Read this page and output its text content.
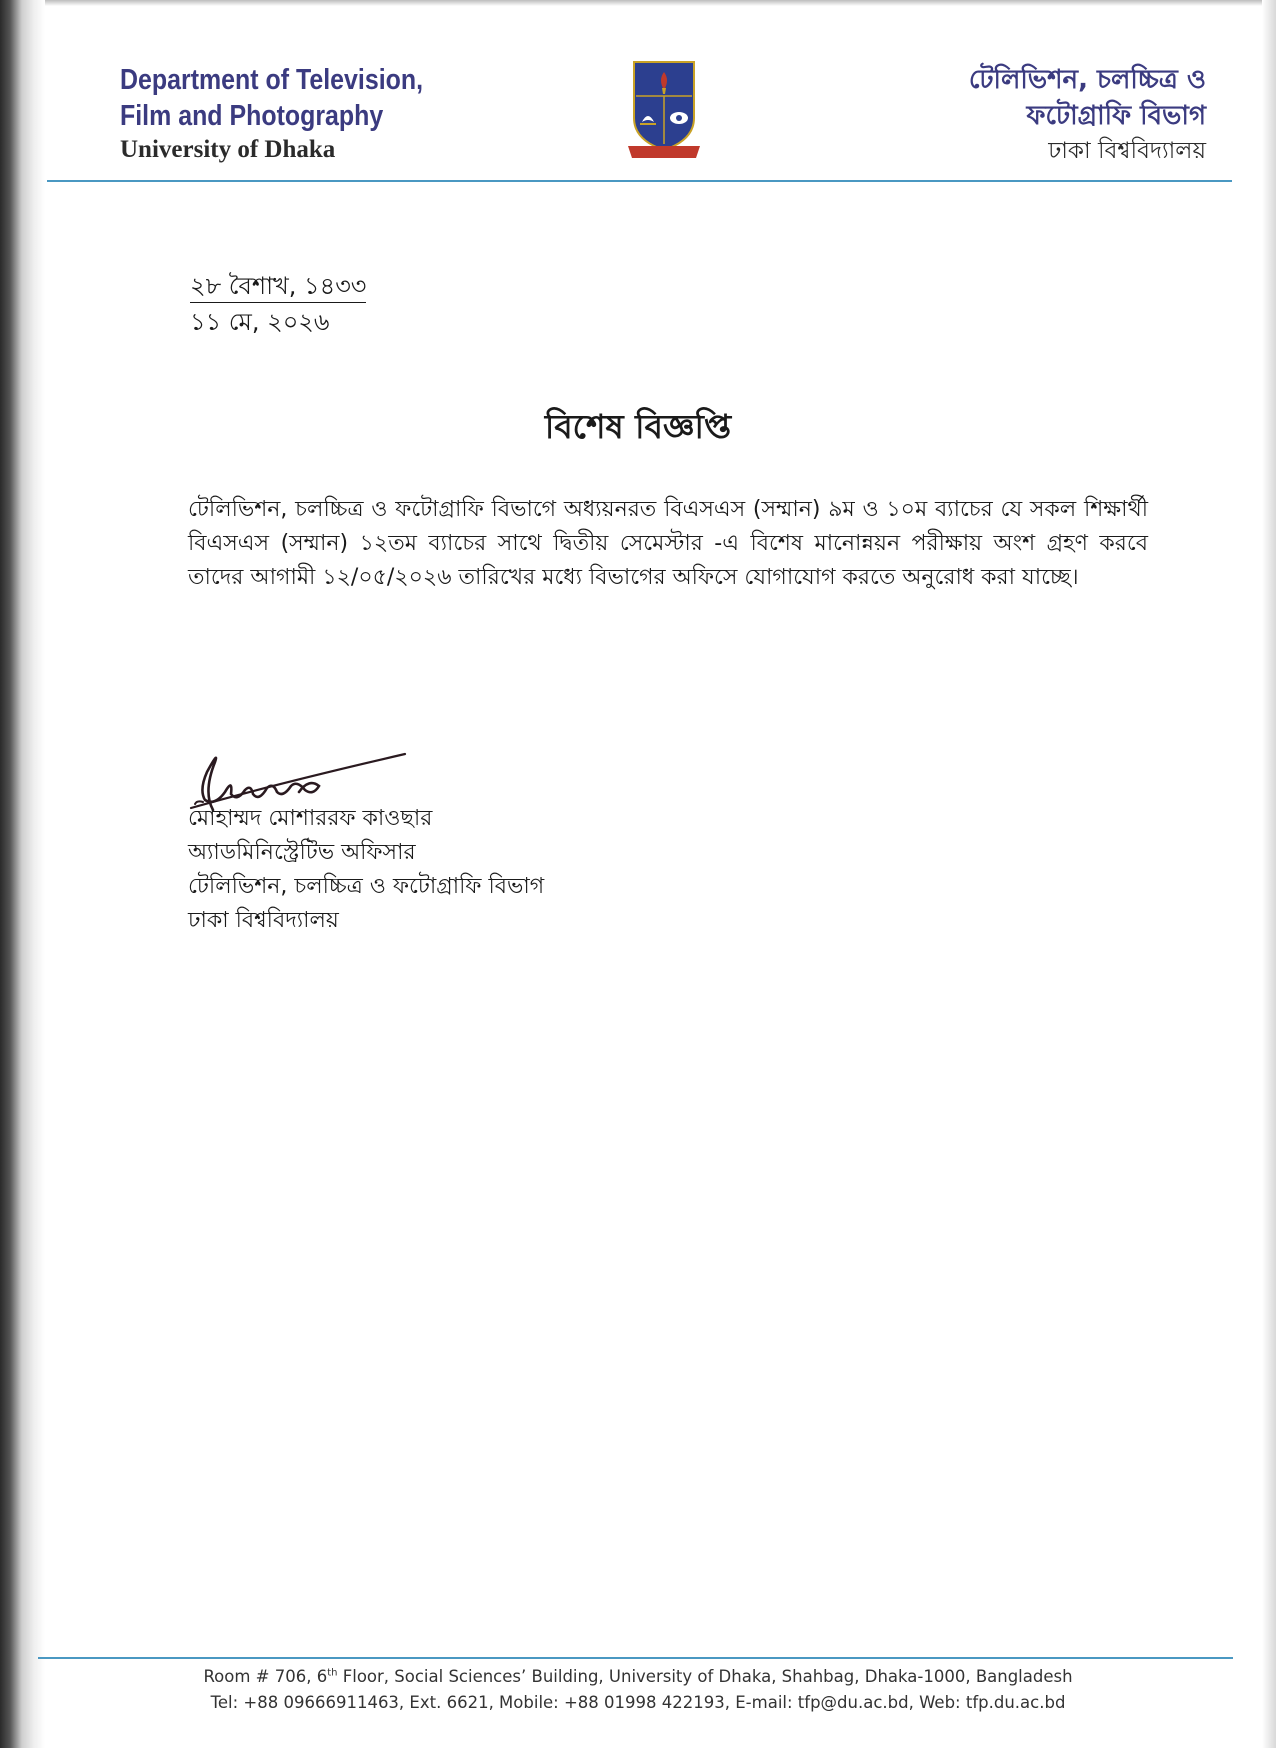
Department of Television,
Film and Photography
University of Dhaka
টেলিভিশন, চলচ্চিত্র ও
ফটোগ্রাফি বিভাগ
ঢাকা বিশ্ববিদ্যালয়
২৮ বৈশাখ, ১৪৩৩
১১ মে, ২০২৬
বিশেষ বিজ্ঞপ্তি
টেলিভিশন, চলচ্চিত্র ও ফটোগ্রাফি বিভাগে অধ্যয়নরত বিএসএস (সম্মান) ৯ম ও ১০ম ব্যাচের যে সকল শিক্ষার্থী বিএসএস (সম্মান) ১২তম ব্যাচের সাথে দ্বিতীয় সেমেস্টার -এ বিশেষ মানোন্নয়ন পরীক্ষায় অংশ গ্রহণ করবে তাদের আগামী ১২/০৫/২০২৬ তারিখের মধ্যে বিভাগের অফিসে যোগাযোগ করতে অনুরোধ করা যাচ্ছে।
মোহাম্মদ মোশাররফ কাওছার
অ্যাডমিনিস্ট্রেটিভ অফিসার
টেলিভিশন, চলচ্চিত্র ও ফটোগ্রাফি বিভাগ
ঢাকা বিশ্ববিদ্যালয়
Room # 706, 6th Floor, Social Sciences’ Building, University of Dhaka, Shahbag, Dhaka-1000, Bangladesh
Tel: +88 09666911463, Ext. 6621, Mobile: +88 01998 422193, E-mail: tfp@du.ac.bd, Web: tfp.du.ac.bd
